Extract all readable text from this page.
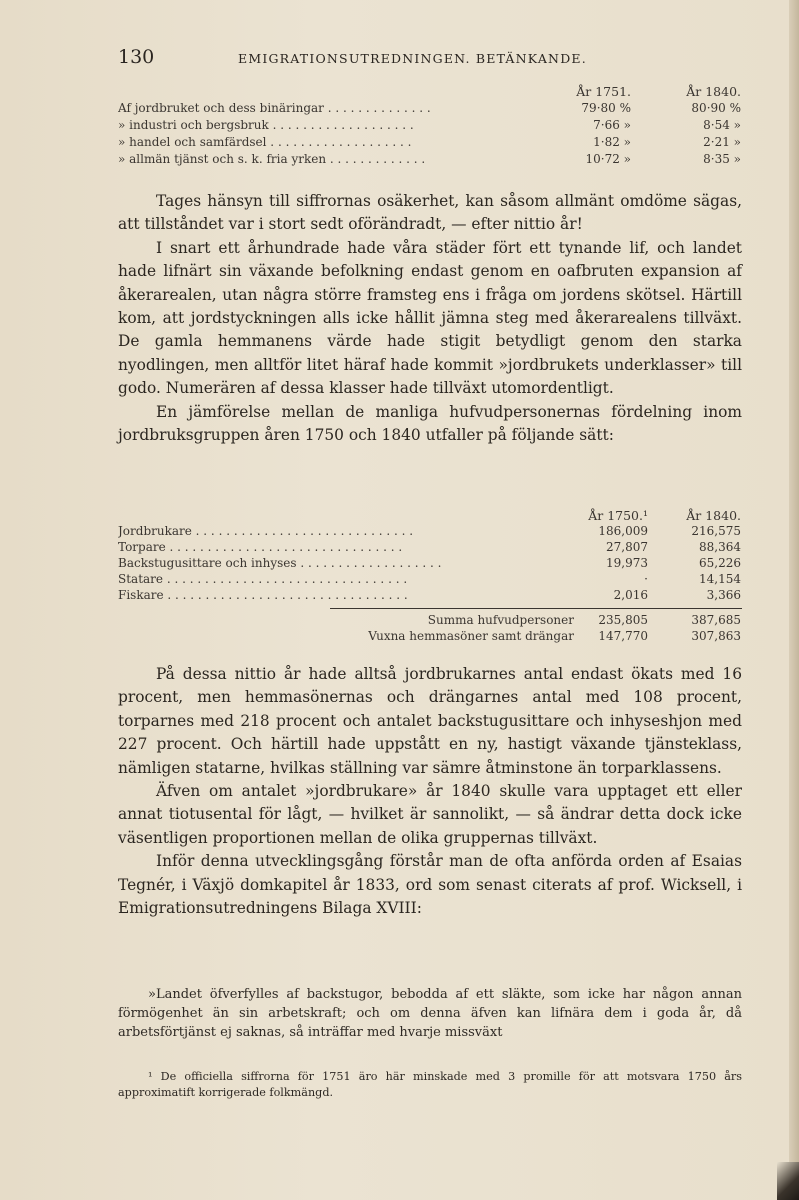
130	EMIGRATIONSUTREDNINGEN. BETÄNKANDE.
År 1751.	År 1840.
Af jordbruket och dess binäringar . . . . . . . . . . . . . .	79·80 %	80·90 %
» industri och bergsbruk . . . . . . . . . . . . . . . . . . .	7·66 »	8·54 »
» handel och samfärdsel . . . . . . . . . . . . . . . . . . .	1·82 »	2·21 »
» allmän tjänst och s. k. fria yrken . . . . . . . . . . . . .	10·72 »	8·35 »

Tages hänsyn till siffrornas osäkerhet, kan såsom allmänt omdöme sägas, att tillståndet var i stort sedt oförändradt, — efter nittio år!

I snart ett århundrade hade våra städer fört ett tynande lif, och landet hade lifnärt sin växande befolkning endast genom en oafbruten expansion af åkerarealen, utan några större framsteg ens i fråga om jordens skötsel. Härtill kom, att jordstyckningen alls icke hållit jämna steg med åkerarealens tillväxt. De gamla hemmanens värde hade stigit betydligt genom den starka nyodlingen, men alltför litet häraf hade kommit »jordbrukets underklasser» till godo. Numerären af dessa klasser hade tillväxt utomordentligt.

En jämförelse mellan de manliga hufvudpersonernas fördelning inom jordbruksgruppen åren 1750 och 1840 utfaller på följande sätt:

År 1750.¹	År 1840.
Jordbrukare . . . . . . . . . . . . . . . . . . . . . . . . . . . . .	186,009	216,575
Torpare . . . . . . . . . . . . . . . . . . . . . . . . . . . . . . .	27,807	88,364
Backstugusittare och inhyses . . . . . . . . . . . . . . . . . . .	19,973	65,226
Statare . . . . . . . . . . . . . . . . . . . . . . . . . . . . . . . .	·	14,154
Fiskare . . . . . . . . . . . . . . . . . . . . . . . . . . . . . . . .	2,016	3,366
Summa hufvudpersoner	235,805	387,685
Vuxna hemmasöner samt drängar	147,770	307,863

På dessa nittio år hade alltså jordbrukarnes antal endast ökats med 16 procent, men hemmasönernas och drängarnes antal med 108 procent, torparnes med 218 procent och antalet backstugusittare och inhyseshjon med 227 procent. Och härtill hade uppstått en ny, hastigt växande tjänsteklass, nämligen statarne, hvilkas ställning var sämre åtminstone än torparklassens.

Äfven om antalet »jordbrukare» år 1840 skulle vara upptaget ett eller annat tiotusental för lågt, — hvilket är sannolikt, — så ändrar detta dock icke väsentligen proportionen mellan de olika gruppernas tillväxt.

Inför denna utvecklingsgång förstår man de ofta anförda orden af Esaias Tegnér, i Växjö domkapitel år 1833, ord som senast citerats af prof. Wicksell, i Emigrationsutredningens Bilaga XVIII:

»Landet öfverfylles af backstugor, bebodda af ett släkte, som icke har någon annan förmögenhet än sin arbetskraft; och om denna äfven kan lifnära dem i goda år, då arbetsförtjänst ej saknas, så inträffar med hvarje missväxt

¹ De officiella siffrorna för 1751 äro här minskade med 3 promille för att motsvara 1750 års approximatift korrigerade folkmängd.
